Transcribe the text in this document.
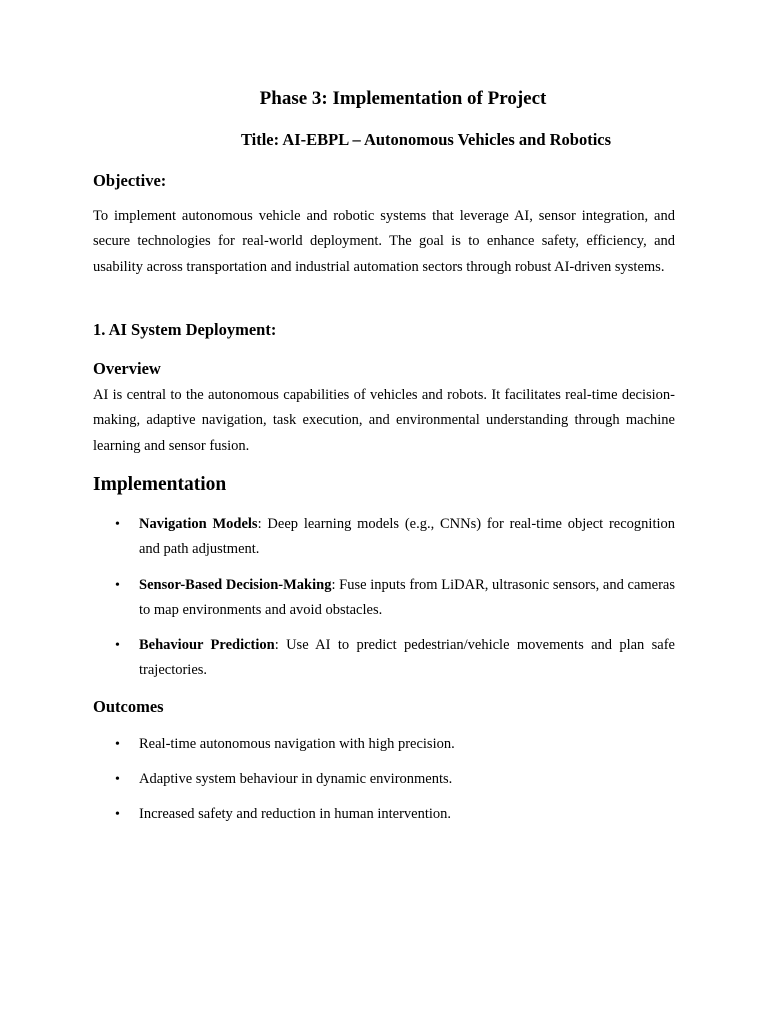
Phase 3: Implementation of Project
Title: AI-EBPL – Autonomous Vehicles and Robotics
Objective:

To implement autonomous vehicle and robotic systems that leverage AI, sensor integration, and secure technologies for real-world deployment. The goal is to enhance safety, efficiency, and usability across transportation and industrial automation sectors through robust AI-driven systems.

1. AI System Deployment:
Overview

AI is central to the autonomous capabilities of vehicles and robots. It facilitates real-time decision-making, adaptive navigation, task execution, and environmental understanding through machine learning and sensor fusion.

Implementation
• Navigation Models: Deep learning models (e.g., CNNs) for real-time object recognition and path adjustment.
• Sensor-Based Decision-Making: Fuse inputs from LiDAR, ultrasonic sensors, and cameras to map environments and avoid obstacles.
• Behaviour Prediction: Use AI to predict pedestrian/vehicle movements and plan safe trajectories.
Outcomes
• Real-time autonomous navigation with high precision.
• Adaptive system behaviour in dynamic environments.
• Increased safety and reduction in human intervention.
